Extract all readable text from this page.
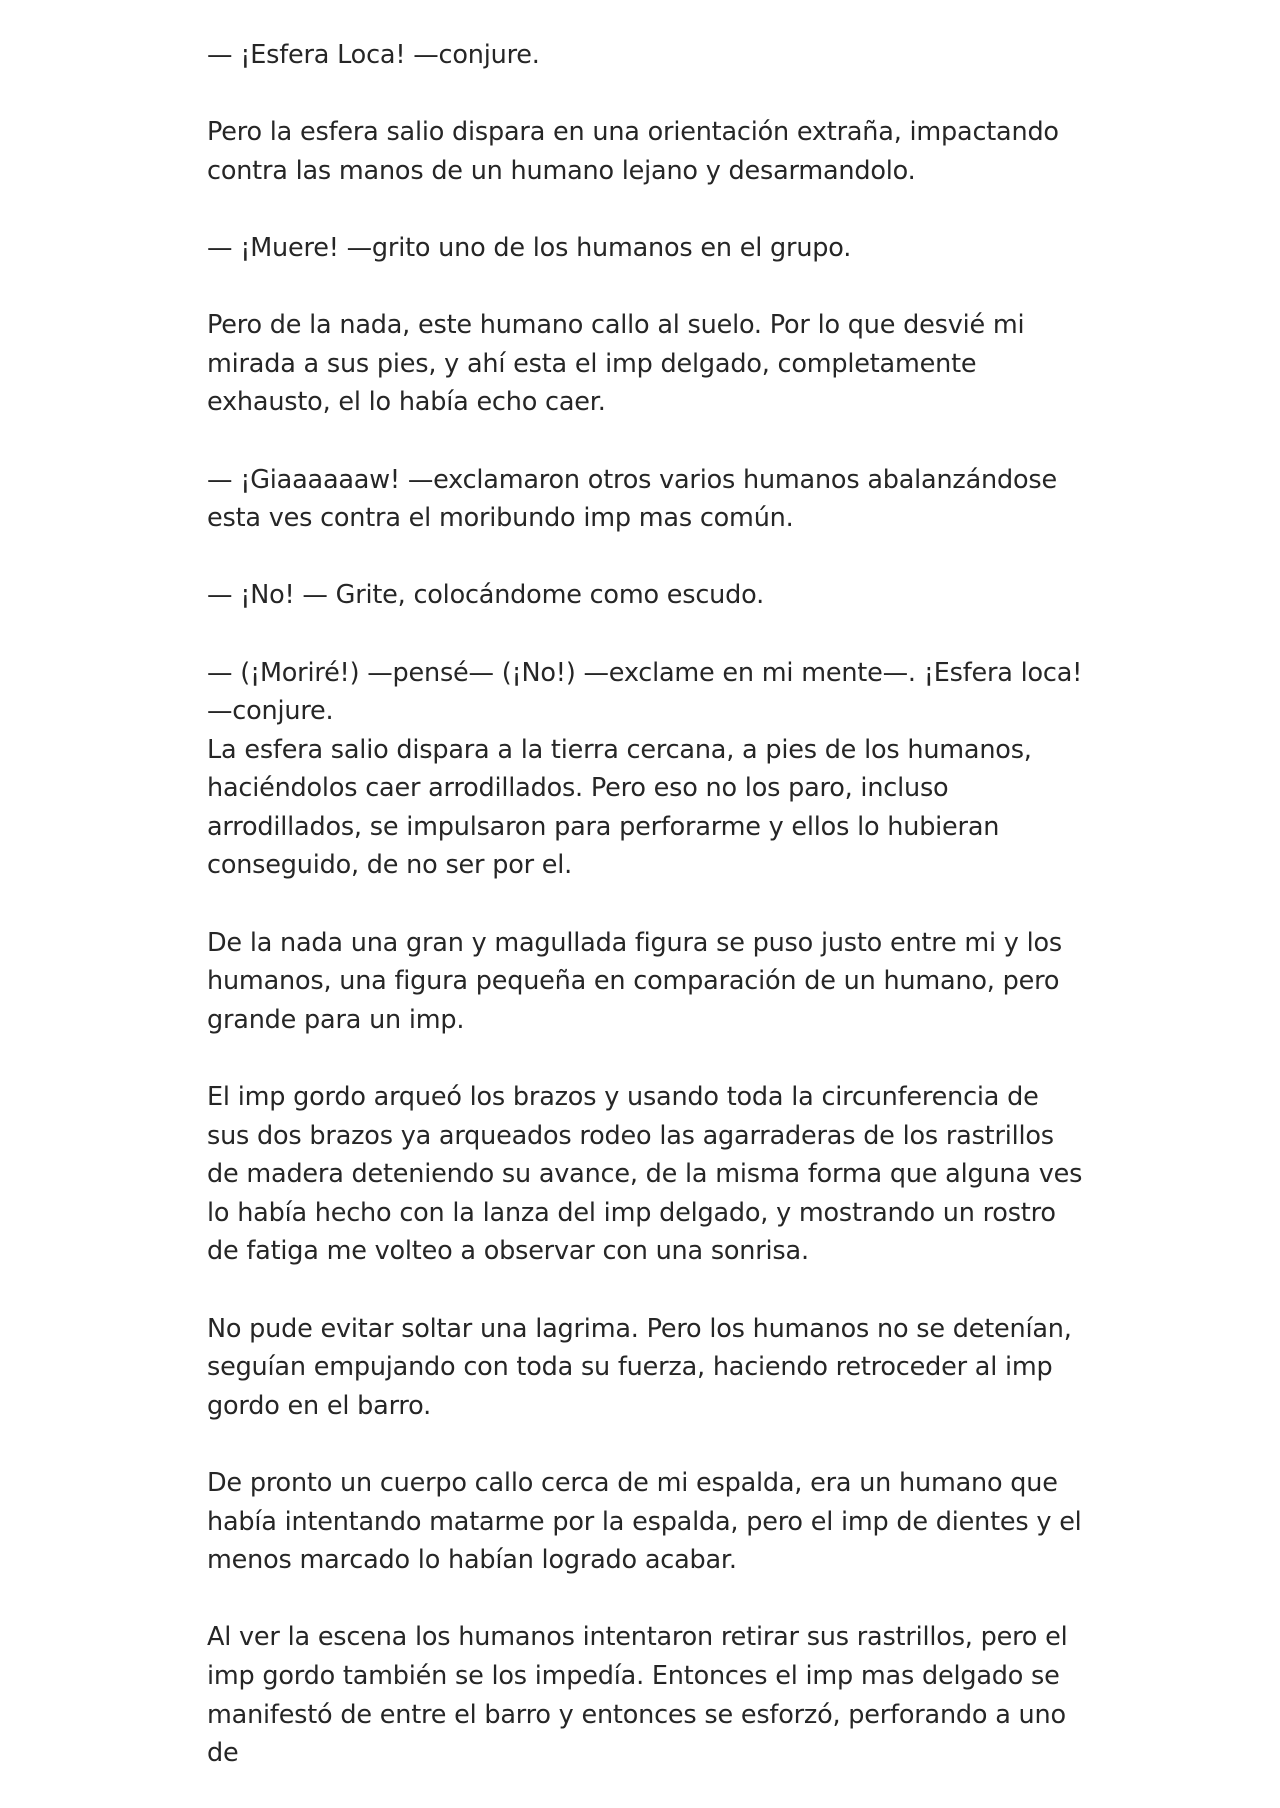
— ¡Esfera Loca! —conjure.

Pero la esfera salio dispara en una orientación extraña, impactando contra las manos de un humano lejano y desarmandolo.

— ¡Muere! —grito uno de los humanos en el grupo.

Pero de la nada, este humano callo al suelo. Por lo que desvié mi mirada a sus pies, y ahí esta el imp delgado, completamente exhausto, el lo había echo caer.

— ¡Giaaaaaaw! —exclamaron otros varios humanos abalanzándose esta ves contra el moribundo imp mas común.

— ¡No! — Grite, colocándome como escudo.

— (¡Moriré!) —pensé— (¡No!) —exclame en mi mente—. ¡Esfera loca! —conjure.

La esfera salio dispara a la tierra cercana, a pies de los humanos, haciéndolos caer arrodillados. Pero eso no los paro, incluso arrodillados, se impulsaron para perforarme y ellos lo hubieran conseguido, de no ser por el.

De la nada una gran y magullada figura se puso justo entre mi y los humanos, una figura pequeña en comparación de un humano, pero grande para un imp.

El imp gordo arqueó los brazos y usando toda la circunferencia de sus dos brazos ya arqueados rodeo las agarraderas de los rastrillos de madera deteniendo su avance, de la misma forma que alguna ves lo había hecho con la lanza del imp delgado, y mostrando un rostro de fatiga me volteo a observar con una sonrisa.

No pude evitar soltar una lagrima. Pero los humanos no se detenían, seguían empujando con toda su fuerza, haciendo retroceder al imp gordo en el barro.

De pronto un cuerpo callo cerca de mi espalda, era un humano que había intentando matarme por la espalda, pero el imp de dientes y el menos marcado lo habían logrado acabar.

Al ver la escena los humanos intentaron retirar sus rastrillos, pero el imp gordo también se los impedía. Entonces el imp mas delgado se manifestó de entre el barro y entonces se esforzó, perforando a uno de
